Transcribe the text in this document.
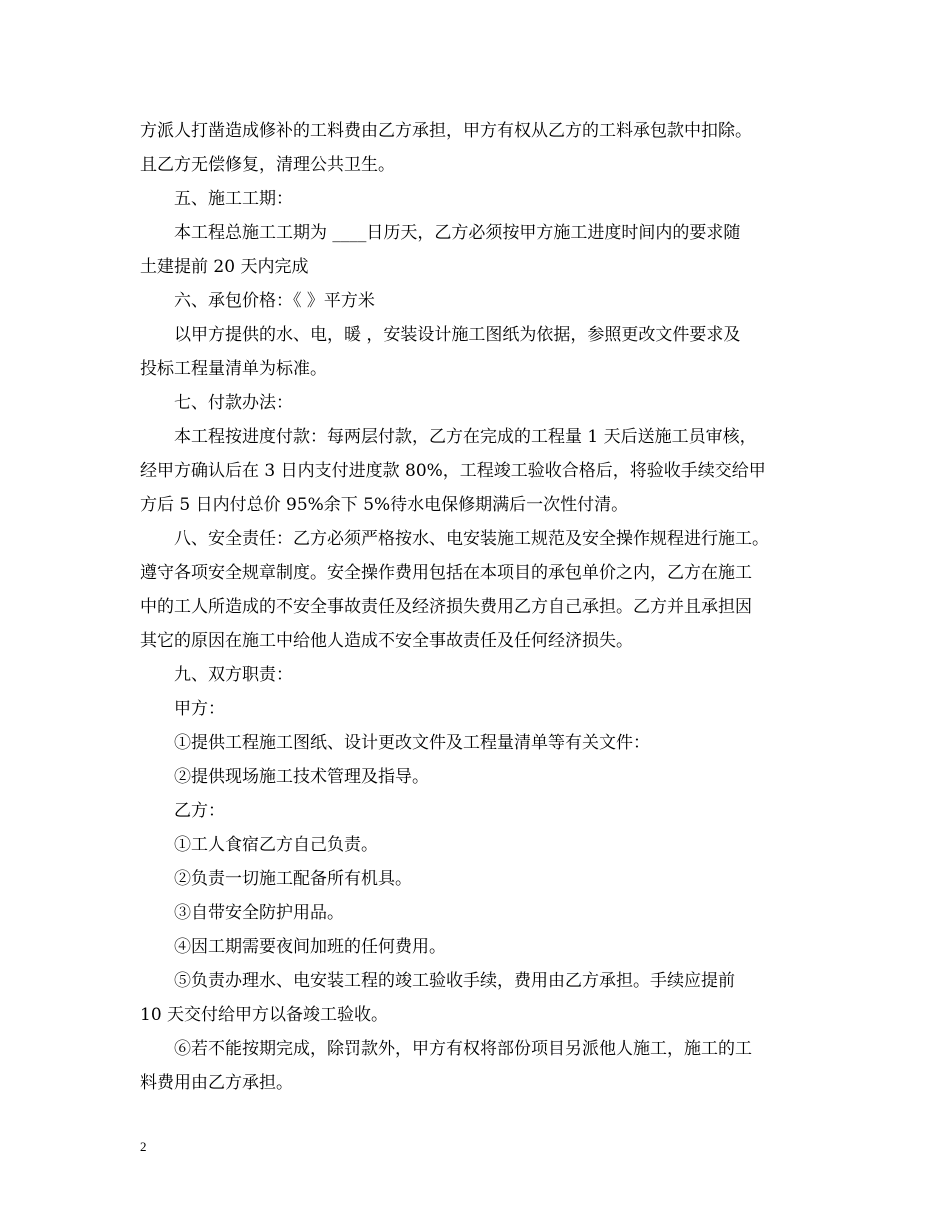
方派人打凿造成修补的工料费由乙方承担，甲方有权从乙方的工料承包款中扣除。
且乙方无偿修复，清理公共卫生。
五、施工工期：
本工程总施工工期为 ____日历天，乙方必须按甲方施工进度时间内的要求随
土建提前 20 天内完成
六、承包价格：《 》平方米
以甲方提供的水、电，暖 ，安装设计施工图纸为依据，参照更改文件要求及
投标工程量清单为标准。
七、付款办法：
本工程按进度付款：每两层付款，乙方在完成的工程量 1 天后送施工员审核，
经甲方确认后在 3 日内支付进度款 80%，工程竣工验收合格后，将验收手续交给甲
方后 5 日内付总价 95%余下 5%待水电保修期满后一次性付清。
八、安全责任：乙方必须严格按水、电安装施工规范及安全操作规程进行施工。
遵守各项安全规章制度。安全操作费用包括在本项目的承包单价之内，乙方在施工
中的工人所造成的不安全事故责任及经济损失费用乙方自己承担。乙方并且承担因
其它的原因在施工中给他人造成不安全事故责任及任何经济损失。
九、双方职责：
甲方：
①提供工程施工图纸、设计更改文件及工程量清单等有关文件：
②提供现场施工技术管理及指导。
乙方：
①工人食宿乙方自己负责。
②负责一切施工配备所有机具。
③自带安全防护用品。
④因工期需要夜间加班的任何费用。
⑤负责办理水、电安装工程的竣工验收手续，费用由乙方承担。手续应提前
10 天交付给甲方以备竣工验收。
⑥若不能按期完成，除罚款外，甲方有权将部份项目另派他人施工，施工的工
料费用由乙方承担。
2
